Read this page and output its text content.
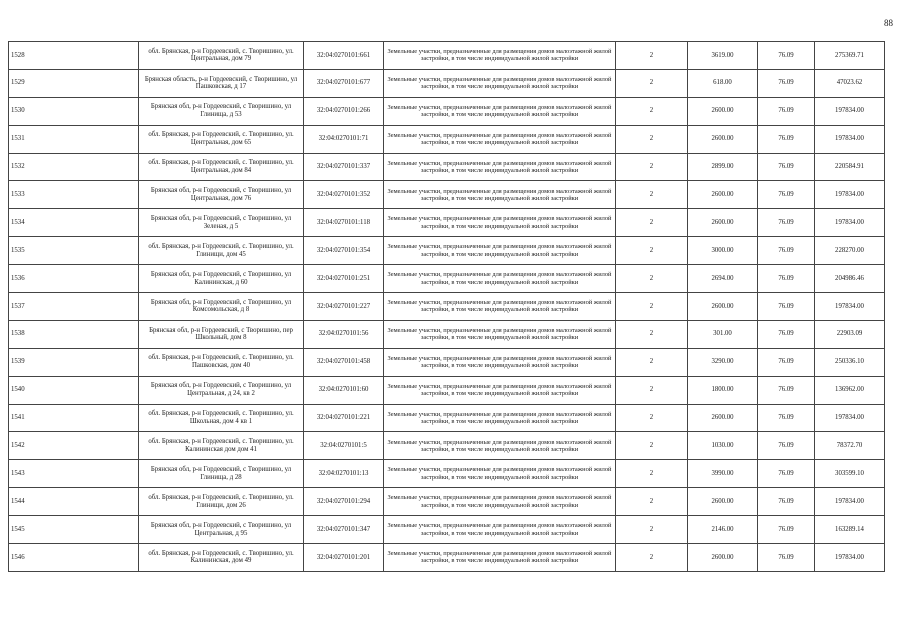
88
1528	обл. Брянская, р-н Гордеевский, с. Творишино, ул. Центральная, дом 79	32:04:0270101:661	Земельные участки, предназначенные для размещения домов малоэтажной жилой застройки, в том числе индивидуальной жилой застройки	2	3619.00	76.09	275369.71
1529	Брянская область, р-н Гордеевский, с Творишино, ул Пашковская, д 17	32:04:0270101:677	Земельные участки, предназначенные для размещения домов малоэтажной жилой застройки, в том числе индивидуальной жилой застройки	2	618.00	76.09	47023.62
1530	Брянская обл, р-н Гордеевский, с Творишино, ул Глинища, д 53	32:04:0270101:266	Земельные участки, предназначенные для размещения домов малоэтажной жилой застройки, в том числе индивидуальной жилой застройки	2	2600.00	76.09	197834.00
1531	обл. Брянская, р-н Гордеевский, с. Творишино, ул. Центральная, дом 65	32:04:0270101:71	Земельные участки, предназначенные для размещения домов малоэтажной жилой застройки, в том числе индивидуальной жилой застройки	2	2600.00	76.09	197834.00
1532	обл. Брянская, р-н Гордеевский, с. Творишино, ул. Центральная, дом 84	32:04:0270101:337	Земельные участки, предназначенные для размещения домов малоэтажной жилой застройки, в том числе индивидуальной жилой застройки	2	2899.00	76.09	220584.91
1533	Брянская обл, р-н Гордеевский, с Творишино, ул Центральная, дом 76	32:04:0270101:352	Земельные участки, предназначенные для размещения домов малоэтажной жилой застройки, в том числе индивидуальной жилой застройки	2	2600.00	76.09	197834.00
1534	Брянская обл, р-н Гордеевский, с Творишино, ул Зеленая, д 5	32:04:0270101:118	Земельные участки, предназначенные для размещения домов малоэтажной жилой застройки, в том числе индивидуальной жилой застройки	2	2600.00	76.09	197834.00
1535	обл. Брянская, р-н Гордеевский, с. Творишино, ул. Глинищи, дом 45	32:04:0270101:354	Земельные участки, предназначенные для размещения домов малоэтажной жилой застройки, в том числе индивидуальной жилой застройки	2	3000.00	76.09	228270.00
1536	Брянская обл, р-н Гордеевский, с Творишино, ул Калининская, д 60	32:04:0270101:251	Земельные участки, предназначенные для размещения домов малоэтажной жилой застройки, в том числе индивидуальной жилой застройки	2	2694.00	76.09	204986.46
1537	Брянская обл, р-н Гордеевский, с Творишино, ул Комсомольская, д 8	32:04:0270101:227	Земельные участки, предназначенные для размещения домов малоэтажной жилой застройки, в том числе индивидуальной жилой застройки	2	2600.00	76.09	197834.00
1538	Брянская обл, р-н Гордеевский, с Творишино, пер Школьный, дом 8	32:04:0270101:56	Земельные участки, предназначенные для размещения домов малоэтажной жилой застройки, в том числе индивидуальной жилой застройки	2	301.00	76.09	22903.09
1539	обл. Брянская, р-н Гордеевский, с. Творишино, ул. Пашковская, дом 40	32:04:0270101:458	Земельные участки, предназначенные для размещения домов малоэтажной жилой застройки, в том числе индивидуальной жилой застройки	2	3290.00	76.09	250336.10
1540	Брянская обл, р-н Гордеевский, с Творишино, ул Центральная, д 24, кв 2	32:04:0270101:60	Земельные участки, предназначенные для размещения домов малоэтажной жилой застройки, в том числе индивидуальной жилой застройки	2	1800.00	76.09	136962.00
1541	обл. Брянская, р-н Гордеевский, с. Творишино, ул. Школьная, дом 4 кв 1	32:04:0270101:221	Земельные участки, предназначенные для размещения домов малоэтажной жилой застройки, в том числе индивидуальной жилой застройки	2	2600.00	76.09	197834.00
1542	обл. Брянская, р-н Гордеевский, с. Творишино, ул. Калининская дом дом 41	32:04:0270101:5	Земельные участки, предназначенные для размещения домов малоэтажной жилой застройки, в том числе индивидуальной жилой застройки	2	1030.00	76.09	78372.70
1543	Брянская обл, р-н Гордеевский, с Творишино, ул Глинища, д 28	32:04:0270101:13	Земельные участки, предназначенные для размещения домов малоэтажной жилой застройки, в том числе индивидуальной жилой застройки	2	3990.00	76.09	303599.10
1544	обл. Брянская, р-н Гордеевский, с. Творишино, ул. Глинищи, дом 26	32:04:0270101:294	Земельные участки, предназначенные для размещения домов малоэтажной жилой застройки, в том числе индивидуальной жилой застройки	2	2600.00	76.09	197834.00
1545	Брянская обл, р-н Гордеевский, с Творишино, ул Центральная, д 95	32:04:0270101:347	Земельные участки, предназначенные для размещения домов малоэтажной жилой застройки, в том числе индивидуальной жилой застройки	2	2146.00	76.09	163289.14
1546	обл. Брянская, р-н Гордеевский, с. Творишино, ул. Калининская, дом 49	32:04:0270101:201	Земельные участки, предназначенные для размещения домов малоэтажной жилой застройки, в том числе индивидуальной жилой застройки	2	2600.00	76.09	197834.00
